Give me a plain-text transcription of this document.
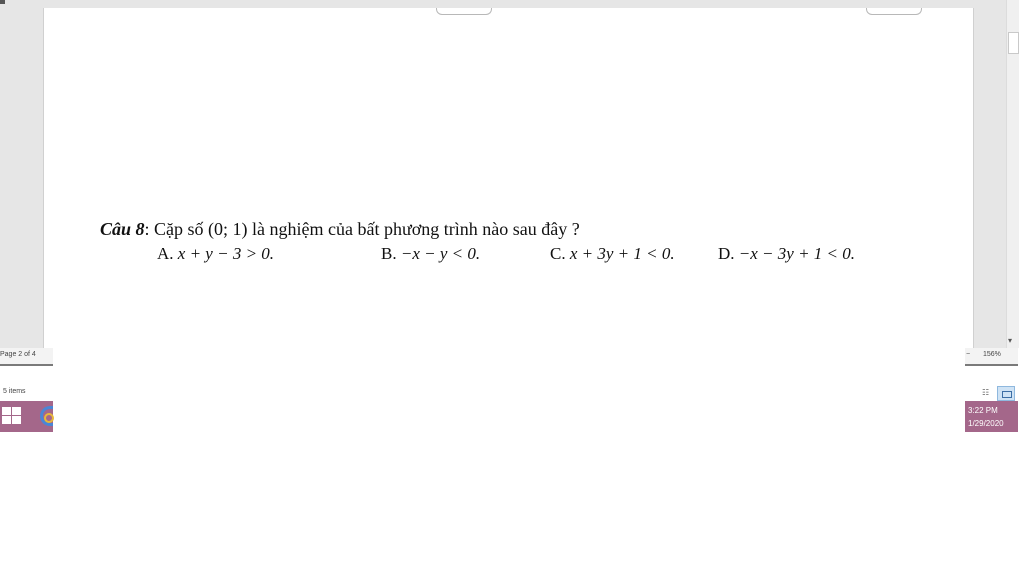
Câu 8: Cặp số (0; 1) là nghiệm của bất phương trình nào sau đây ?
A. x + y − 3 > 0.	B. −x − y < 0.	C. x + 3y + 1 < 0.	D. −x − 3y + 1 < 0.
▾
Page 2 of 4	− 156%
5 items	☷
3:22 PM
1/29/2020
